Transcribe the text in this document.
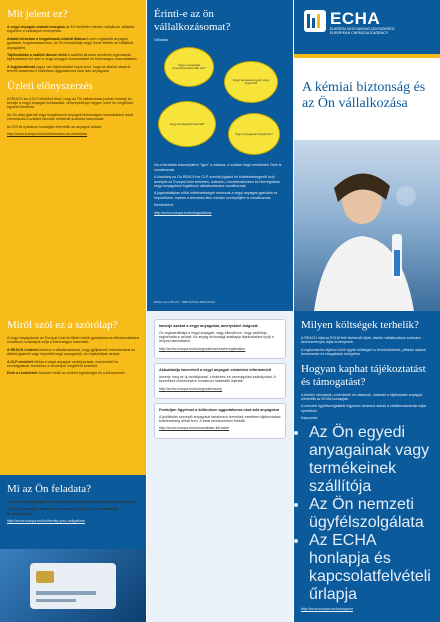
Mit jelent ez?

A vegyi anyagok szabad mozgása az EU területén minden vállalkozó vállalata rögzésen a szabályok érvényesek.

Adatot leírásban a forgalmazók közötti fitalma A nem regisztrált anyagok gyártása, forgalmazása tilos. Az Ön beszállítója vegyi lenne felelős az előállított anyagokért.

Tájékoztatás a szállító láncon belül A szállítói láncban mindenki egymásnak tájékoztatást tud adni a vegyi anyagok kockázatáról és biztonságos használatáról.

A fogyasztóknak joguk van tájékoztatást kapni arról, hogy az általuk vásárolt termék tartalmaz-e különösen aggodalomra okot adó anyagokat.

Üzleti előnyszerzés

A REACH és a CLP lehetővé teszi, hogy az Ön vállalkozása jobban ismerje és kezelje a vegyi anyagok kockázatait, versenyelőnyre tegyen szert és megőrizze ügyfelei bizalmát.

Az Ön által gyártott vagy forgalmazott anyagok biztonságos használatáról adott információk a szállítói láncban mindenki számára hasznosak.

Az ECHA nyilvános honlapján elérhetők az anyagok adatai:

http://echa.europa.eu/hu/information-on-chemicals

Érinti-e az ön vállalkozásomat?

Vállalata

Vegyi anyagokat kever/keveréket állít elő?
Vegyi anyagokat gyárt vagy importál?
Vegyi anyagokat használ?
Vegyi anyagokat forgalmaz?

Ha a kérdések bármelyikére "igen" a válasza, a szóban forgó rendeletek Önre is vonatkoznak.

A kiadvány az Ön REACH és CLP szerinti jogairól és kötelezettségeiről szól, amelyek az Európai Unió területén, Izlandon, Liechtensteinben és Norvégiában vegyi anyagokkal foglalkozó vállalkozásokra vonatkoznak.

A jogszabályban előírt kötelezettségek nemcsak a vegyi anyagok gyártóira és importőreire, hanem a termelési lánc minden szereplőjére is vonatkoznak.

Kezdésként:

http://echa.europa.eu/hu/regulations

ECHA-14-L-05-HU · ISBN 978-92-9244-000-0
ECHA
EURÓPAI VEGYIANYAG-ÜGYNÖKSÉG
EUROPEAN CHEMICALS AGENCY
A kémiai biztonság és az Ön vállalkozása
Miről szól ez a szórólap?

A vegyi anyagoknak az Európai Unió területén belüli gyártására és felhasználására vonatkozó szabályok célja a biztonságos használat.

A REACH-rendelet kötelezi a vállalkozásokat, hogy gyűjtsenek információkat az általuk gyártott vagy importált vegyi anyagokról, és regisztrálják azokat.

A CLP-rendelet előírja a vegyi anyagok osztályozását, címkézését és csomagolását, biztosítva a veszélyek megfelelő közlését.

Ezek a rendeletek közösen védik az emberi egészséget és a környezetet.

Mi az Ön feladata?

Az Ön szerepétől függően a szállítói láncban különböző kötelezettségei lehetnek.

Az ECHA honlapján útmutatók és eszközök segítik az Ön feladatainak azonosításában.

http://echa.europa.eu/hu/identify-your-obligations

Ismerje azokat a vegyi anyagokat, amelyekkel dolgozik

Ön regisztrálhatja a vegyi anyagait, vagy ellenőrizze, hogy szállítója regisztrálta-e azokat. Az anyag biztonsági adatlapja tájékoztatást nyújt a helyes használatról.

http://echa.europa.eu/hu/regulations/reach/registration

Aktualizálja ismereteit a vegyi anyagok címkézési információit

Ismerje meg az új osztályozási, címkézési és csomagolási szabályokat. A keverékek címkézésére vonatkozó határidők lejártak.

http://echa.europa.eu/hu/regulations/clp

Forduljon figyelmet a különösen aggodalomra okot adó anyagokra

A jelöltlistán szereplő anyagokat tartalmazó termékek esetében tájékoztatási kötelezettség állhat fenn. A listát rendszeresen frissítik.

http://echa.europa.eu/hu/candidate-list-table

Milyen költségek terhelik?

A REACH díjai az ECHA felé fizetendő díjak, kisebb vállalkozások számára kedvezményes díjak érvényesek.

A regisztrációs díjakon kívül egyéb költségek is felmerülhetnek, például adatok beszerzése és vizsgálatok elvégzése.

Hogyan kaphat tájékoztatást és támogatást?

A tételes útmutatók, a kérdések és válaszok, valamint a tájékoztató anyagok elérhetők az ECHA honlapján.

A nemzeti ügyfélszolgálatok ingyenes tanácsot adnak a vállalkozásoknak saját nyelvükön.

Kapcsolat:

• Az Ön egyedi anyagainak vagy termékeinek szállítója
• Az Ön nemzeti ügyfélszolgálata
• Az ECHA honlapja és kapcsolatfelvételi űrlapja

http://echa.europa.eu/hu/support
